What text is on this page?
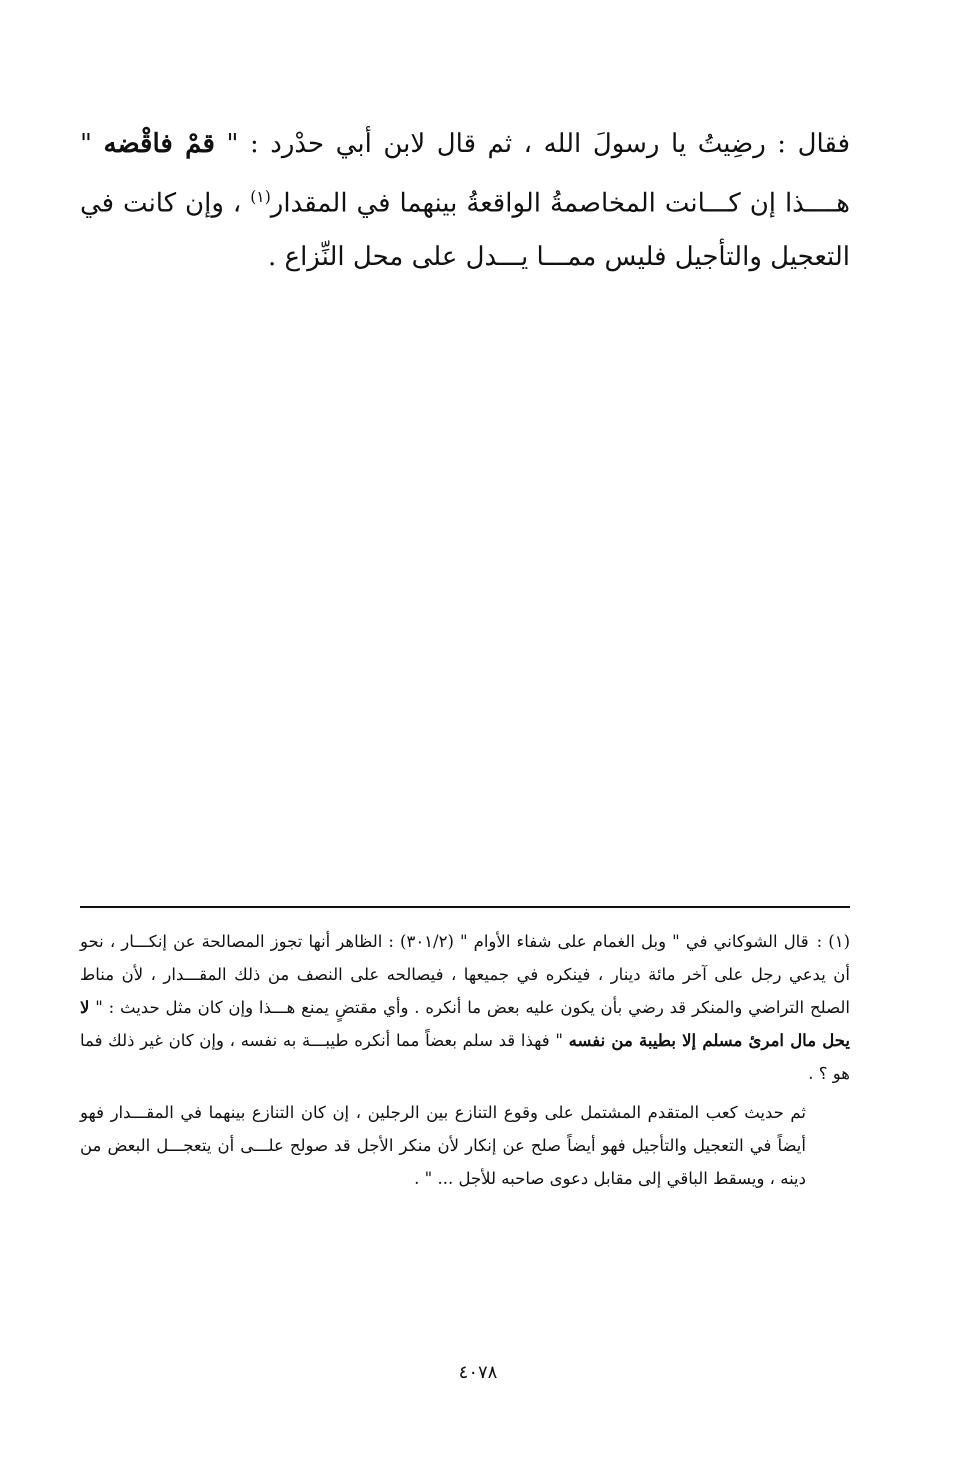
فقال : رضِيتُ يا رسولَ الله ، ثم قال لابن أبي حدْرد : " قمْ فاقْضه " هــــذا إن كـــانت المخاصمةُ الواقعةُ بينهما في المقدار$^{(١)}$ ، وإن كانت في التعجيل والتأجيل فليس ممـــا يـــدل على محل النِّزاع .

(١) :قال الشوكاني في " وبل الغمام على شفاء الأوام " (٣٠١/٢) : الظاهر أنها تجوز المصالحة عن إنكـــار ، نحو أن يدعي رجل على آخر مائة دينار ، فينكره في جميعها ، فيصالحه على النصف من ذلك المقـــدار ، لأن مناط الصلح التراضي والمنكر قد رضي بأن يكون عليه بعض ما أنكره . وأي مقتضٍ يمنع هـــذا وإن كان مثل حديث : " لا يحل مال امرئ مسلم إلا بطيبة من نفسه " فهذا قد سلم بعضاً مما أنكره طيبـــة به نفسه ، وإن كان غير ذلك فما هو ؟ .

ثم حديث كعب المتقدم المشتمل على وقوع التنازع بين الرجلين ، إن كان التنازع بينهما في المقـــدار فهو أيضاً في التعجيل والتأجيل فهو أيضاً صلح عن إنكار لأن منكر الأجل قد صولح علـــى أن يتعجـــل البعض من دينه ، ويسقط الباقي إلى مقابل دعوى صاحبه للأجل ... " .

٤٠٧٨
